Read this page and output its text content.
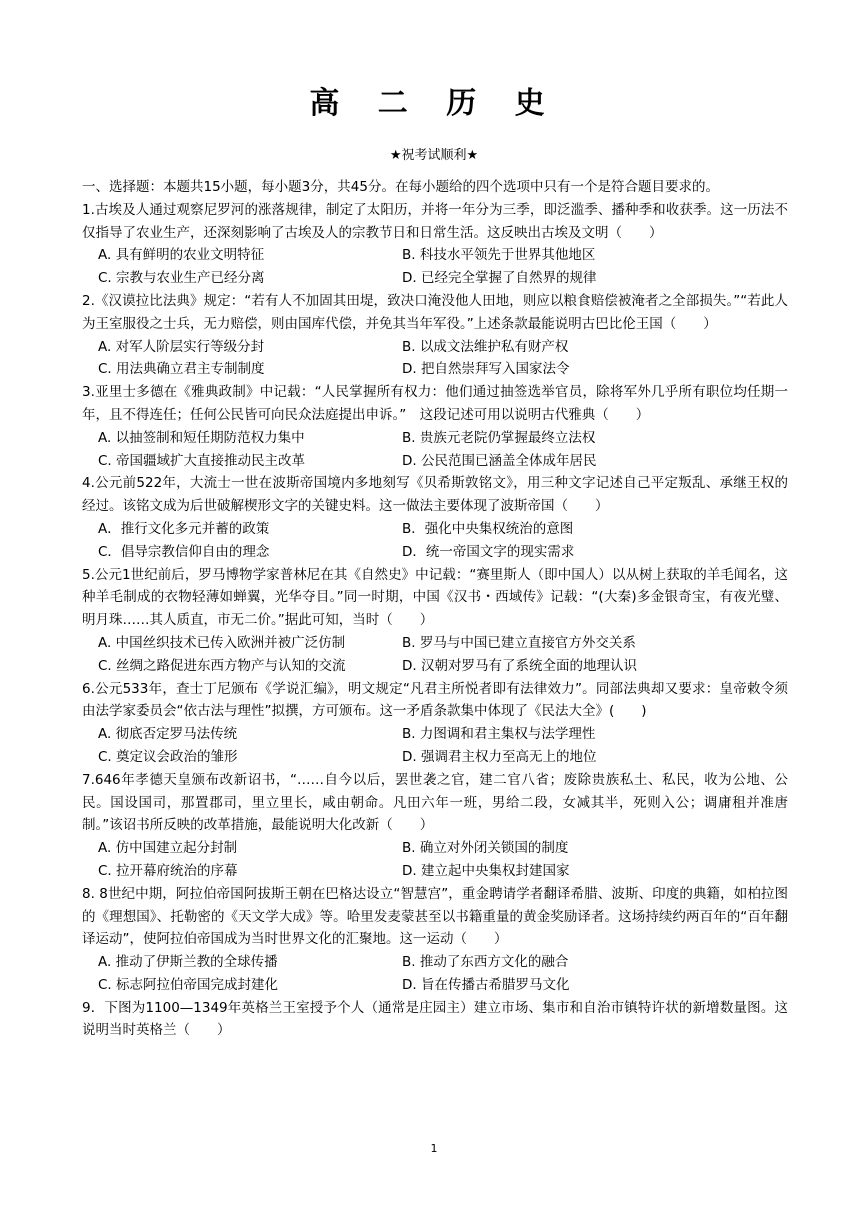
高 二 历 史
★祝考试顺利★
一、选择题：本题共15小题，每小题3分，共45分。在每小题给的四个选项中只有一个是符合题目要求的。
1.古埃及人通过观察尼罗河的涨落规律，制定了太阳历，并将一年分为三季，即泛滥季、播种季和收获季。这一历法不仅指导了农业生产，还深刻影响了古埃及人的宗教节日和日常生活。这反映出古埃及文明（　　）
A. 具有鲜明的农业文明特征	B. 科技水平领先于世界其他地区
C. 宗教与农业生产已经分离	D. 已经完全掌握了自然界的规律
2.《汉谟拉比法典》规定：“若有人不加固其田堤，致决口淹没他人田地，则应以粮食赔偿被淹者之全部损失。”“若此人为王室服役之士兵，无力赔偿，则由国库代偿，并免其当年军役。”上述条款最能说明古巴比伦王国（　　）
A. 对军人阶层实行等级分封	B. 以成文法维护私有财产权
C. 用法典确立君主专制制度	D. 把自然崇拜写入国家法令
3.亚里士多德在《雅典政制》中记载：“人民掌握所有权力：他们通过抽签选举官员，除将军外几乎所有职位均任期一年，且不得连任；任何公民皆可向民众法庭提出申诉。”　这段记述可用以说明古代雅典（　　）
A. 以抽签制和短任期防范权力集中	B. 贵族元老院仍掌握最终立法权
C. 帝国疆域扩大直接推动民主改革	D. 公民范围已涵盖全体成年居民
4.公元前522年，大流士一世在波斯帝国境内多地刻写《贝希斯敦铭文》，用三种文字记述自己平定叛乱、承继王权的经过。该铭文成为后世破解楔形文字的关键史料。这一做法主要体现了波斯帝国（　　）
A．推行文化多元并蓄的政策	B．强化中央集权统治的意图
C．倡导宗教信仰自由的理念	D．统一帝国文字的现实需求
5.公元1世纪前后，罗马博物学家普林尼在其《自然史》中记载：“赛里斯人（即中国人）以从树上获取的羊毛闻名，这种羊毛制成的衣物轻薄如蝉翼，光华夺目。”同一时期，中国《汉书・西域传》记载：“(大秦)多金银奇宝，有夜光璧、明月珠……其人质直，市无二价。”据此可知，当时（　　）
A. 中国丝织技术已传入欧洲并被广泛仿制	B. 罗马与中国已建立直接官方外交关系
C. 丝绸之路促进东西方物产与认知的交流	D. 汉朝对罗马有了系统全面的地理认识
6.公元533年，查士丁尼颁布《学说汇编》，明文规定“凡君主所悦者即有法律效力”。同部法典却又要求：皇帝敕令须由法学家委员会“依古法与理性”拟撰，方可颁布。这一矛盾条款集中体现了《民法大全》(　　)
A. 彻底否定罗马法传统	B. 力图调和君主集权与法学理性
C. 奠定议会政治的雏形	D. 强调君主权力至高无上的地位
7.646年孝德天皇颁布改新诏书，“……自今以后，罢世袭之官，建二官八省；废除贵族私土、私民，收为公地、公民。国设国司，那置郡司，里立里长，咸由朝命。凡田六年一班，男给二段，女减其半，死则入公；调庸租并准唐制。”该诏书所反映的改革措施，最能说明大化改新（　　）
A. 仿中国建立起分封制	B. 确立对外闭关锁国的制度
C. 拉开幕府统治的序幕	D. 建立起中央集权封建国家
8. 8世纪中期，阿拉伯帝国阿拔斯王朝在巴格达设立“智慧宫”，重金聘请学者翻译希腊、波斯、印度的典籍，如柏拉图的《理想国》、托勒密的《天文学大成》等。哈里发麦蒙甚至以书籍重量的黄金奖励译者。这场持续约两百年的“百年翻译运动”，使阿拉伯帝国成为当时世界文化的汇聚地。这一运动（　　）
A. 推动了伊斯兰教的全球传播	B. 推动了东西方文化的融合
C. 标志阿拉伯帝国完成封建化	D. 旨在传播古希腊罗马文化
9．下图为1100—1349年英格兰王室授予个人（通常是庄园主）建立市场、集市和自治市镇特许状的新增数量图。这说明当时英格兰（　　）
1
